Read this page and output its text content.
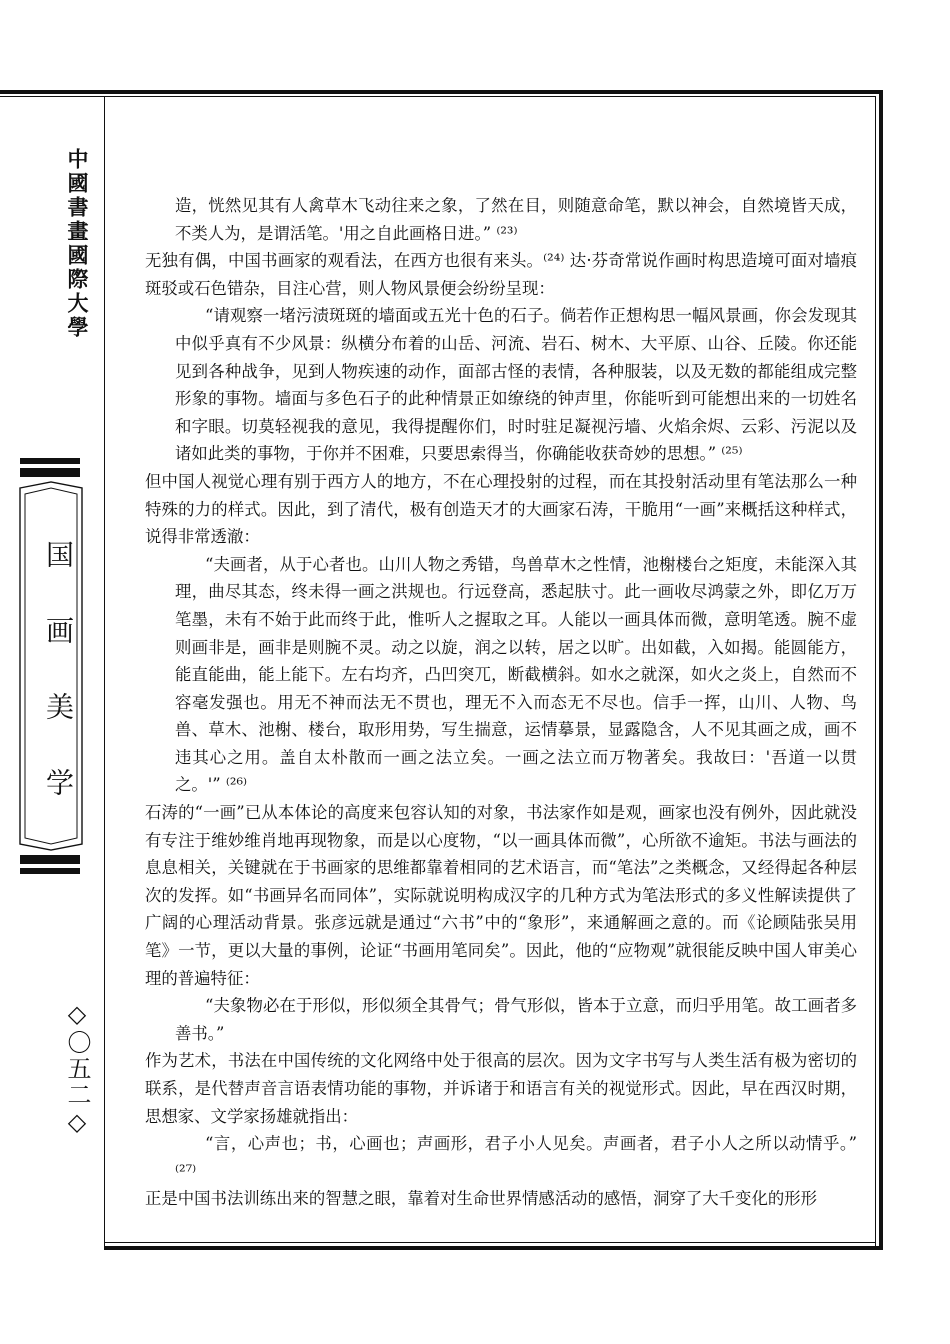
中國書畫國際大學
国画美学
◇〇五二◇

造，恍然见其有人禽草木飞动往来之象，了然在目，则随意命笔，默以神会，自然境皆天成，不类人为，是谓活笔。'用之自此画格日进。” ⁽²³⁾

无独有偶，中国书画家的观看法，在西方也很有来头。⁽²⁴⁾ 达·芬奇常说作画时构思造境可面对墙痕斑驳或石色错杂，目注心营，则人物风景便会纷纷呈现：

“请观察一堵污渍斑斑的墙面或五光十色的石子。倘若作正想构思一幅风景画，你会发现其中似乎真有不少风景：纵横分布着的山岳、河流、岩石、树木、大平原、山谷、丘陵。你还能见到各种战争，见到人物疾速的动作，面部古怪的表情，各种服装，以及无数的都能组成完整形象的事物。墙面与多色石子的此种情景正如缭绕的钟声里，你能听到可能想出来的一切姓名和字眼。切莫轻视我的意见，我得提醒你们，时时驻足凝视污墙、火焰余烬、云彩、污泥以及诸如此类的事物，于你并不困难，只要思索得当，你确能收获奇妙的思想。” ⁽²⁵⁾

但中国人视觉心理有别于西方人的地方，不在心理投射的过程，而在其投射活动里有笔法那么一种特殊的力的样式。因此，到了清代，极有创造天才的大画家石涛，干脆用“一画”来概括这种样式，说得非常透澈：

“夫画者，从于心者也。山川人物之秀错，鸟兽草木之性情，池榭楼台之矩度，未能深入其理，曲尽其态，终未得一画之洪规也。行远登高，悉起肤寸。此一画收尽鸿蒙之外，即亿万万笔墨，未有不始于此而终于此，惟听人之握取之耳。人能以一画具体而微，意明笔透。腕不虚则画非是，画非是则腕不灵。动之以旋，润之以转，居之以旷。出如截，入如揭。能圆能方，能直能曲，能上能下。左右均齐，凸凹突兀，断截横斜。如水之就深，如火之炎上，自然而不容毫发强也。用无不神而法无不贯也，理无不入而态无不尽也。信手一挥，山川、人物、鸟兽、草木、池榭、楼台，取形用势，写生揣意，运情摹景，显露隐含，人不见其画之成，画不违其心之用。盖自太朴散而一画之法立矣。一画之法立而万物著矣。我故曰：'吾道一以贯之。'” ⁽²⁶⁾

石涛的“一画”已从本体论的高度来包容认知的对象，书法家作如是观，画家也没有例外，因此就没有专注于维妙维肖地再现物象，而是以心度物，“以一画具体而微”，心所欲不逾矩。书法与画法的息息相关，关键就在于书画家的思维都靠着相同的艺术语言，而“笔法”之类概念，又经得起各种层次的发挥。如“书画异名而同体”，实际就说明构成汉字的几种方式为笔法形式的多义性解读提供了广阔的心理活动背景。张彦远就是通过“六书”中的“象形”，来通解画之意的。而《论顾陆张吴用笔》一节，更以大量的事例，论证“书画用笔同矣”。因此，他的“应物观”就很能反映中国人审美心理的普遍特征：

“夫象物必在于形似，形似须全其骨气；骨气形似，皆本于立意，而归乎用笔。故工画者多善书。”

作为艺术，书法在中国传统的文化网络中处于很高的层次。因为文字书写与人类生活有极为密切的联系，是代替声音言语表情功能的事物，并诉诸于和语言有关的视觉形式。因此，早在西汉时期，思想家、文学家扬雄就指出：

“言，心声也；书，心画也；声画形，君子小人见矣。声画者，君子小人之所以动情乎。” ⁽²⁷⁾

正是中国书法训练出来的智慧之眼，靠着对生命世界情感活动的感悟，洞穿了大千变化的形形
